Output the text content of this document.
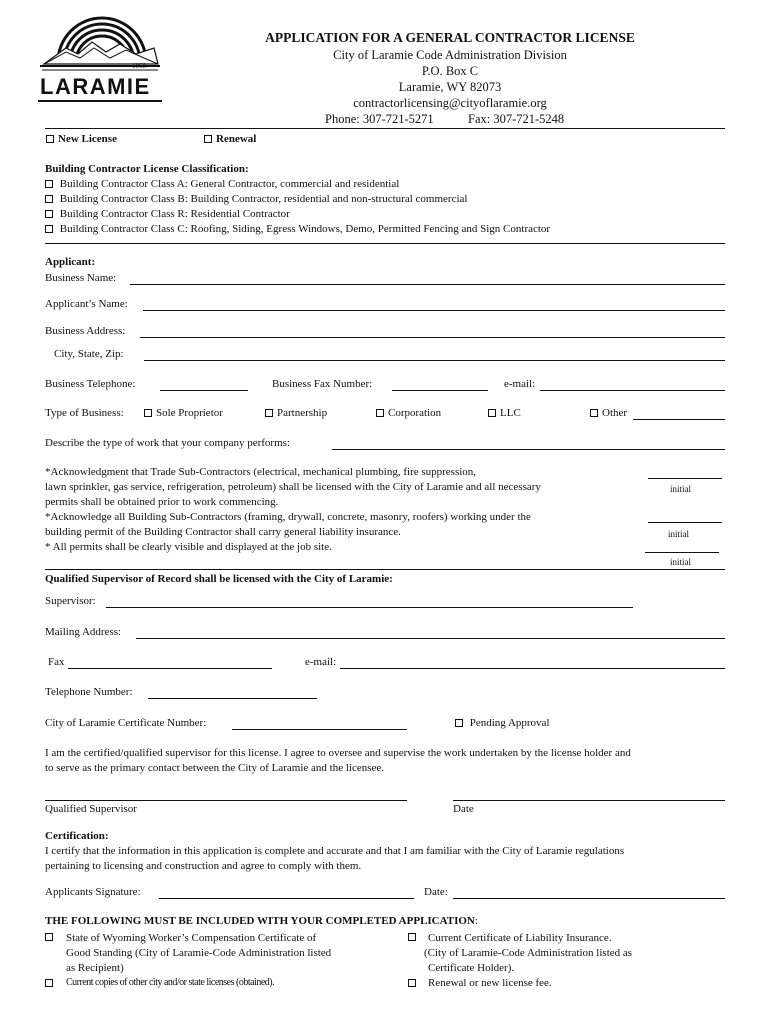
1868
LARAMIE
APPLICATION FOR A GENERAL CONTRACTOR LICENSE
City of Laramie Code Administration Division
P.O. Box C
Laramie, WY 82073
contractorlicensing@cityoflaramie.org
Phone: 307-721-5271	Fax: 307-721-5248
New License	Renewal
Building Contractor License Classification:
Building Contractor Class A: General Contractor, commercial and residential
Building Contractor Class B: Building Contractor, residential and non-structural commercial
Building Contractor Class R: Residential Contractor
Building Contractor Class C: Roofing, Siding, Egress Windows, Demo, Permitted Fencing and Sign Contractor
Applicant:
Business Name:
Applicant’s Name:
Business Address:
City, State, Zip:
Business Telephone:	Business Fax Number:	e-mail:
Type of Business:	Sole Proprietor	Partnership	Corporation	LLC	Other
Describe the type of work that your company performs:
*Acknowledgment that Trade Sub-Contractors (electrical, mechanical plumbing, fire suppression,
lawn sprinkler, gas service, refrigeration, petroleum) shall be licensed with the City of Laramie and all necessary
permits shall be obtained prior to work commencing.
*Acknowledge all Building Sub-Contractors (framing, drywall, concrete, masonry, roofers) working under the
building permit of the Building Contractor shall carry general liability insurance.
* All permits shall be clearly visible and displayed at the job site.
initial
initial
initial
Qualified Supervisor of Record shall be licensed with the City of Laramie:
Supervisor:
Mailing Address:
Fax	e-mail:
Telephone Number:
City of Laramie Certificate Number:	Pending Approval
I am the certified/qualified supervisor for this license. I agree to oversee and supervise the work undertaken by the license holder and
to serve as the primary contact between the City of Laramie and the licensee.
Qualified Supervisor	Date
Certification:
I certify that the information in this application is complete and accurate and that I am familiar with the City of Laramie regulations
pertaining to licensing and construction and agree to comply with them.
Applicants Signature:	Date:
THE FOLLOWING MUST BE INCLUDED WITH YOUR COMPLETED APPLICATION:
State of Wyoming Worker’s Compensation Certificate of
Good Standing (City of Laramie-Code Administration listed
as Recipient)
Current copies of other city and/or state licenses (obtained).
Current Certificate of Liability Insurance.
(City of Laramie-Code Administration listed as
Certificate Holder).
Renewal or new license fee.
